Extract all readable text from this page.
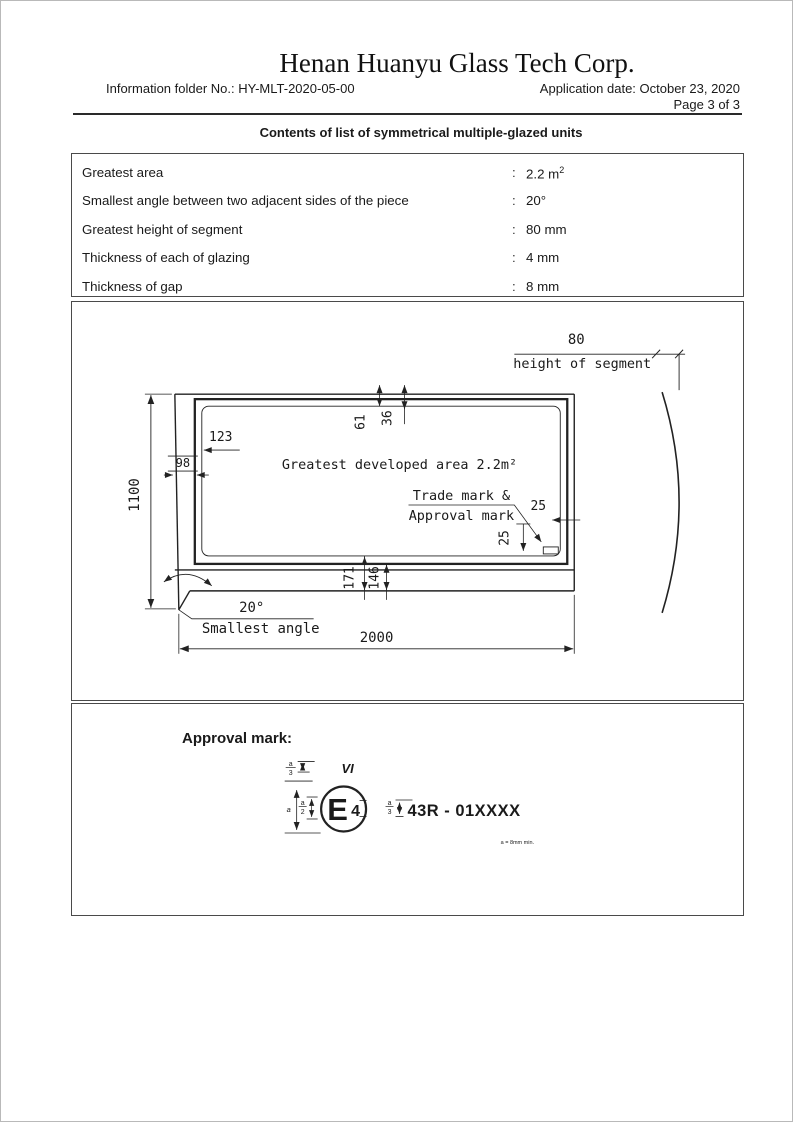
Henan Huanyu Glass Tech Corp.
Information folder No.: HY-MLT-2020-05-00	Application date: October 23, 2020
Page 3 of 3
Contents of list of symmetrical multiple-glazed units
Greatest area	: 2.2 $m^2$
Smallest angle between two adjacent sides of the piece	: 20°
Greatest height of segment	: 80 mm
Thickness of each of glazing	: 4 mm
Thickness of gap	: 8 mm
1100
2000
61 36
171 146
123
98	Greatest developed area 2.2m²
Trade mark &
Approval mark
25
25
80
height of segment
20°
Smallest angle
Approval mark:
a
3	VI
a
a
2 E 4	a
3 43R - 01XXXX
a = 8mm min.
